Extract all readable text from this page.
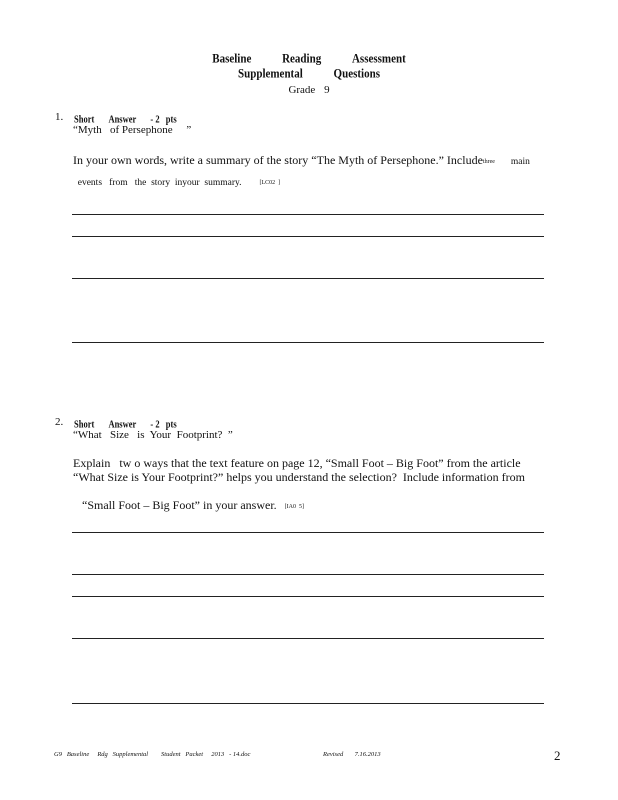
Baseline	Reading	Assessment
Supplemental	Questions
Grade 9
1. Short Answer - 2 pts
“Myth   of Persephone     ”
In your own words, write a summary of the story “The Myth of Persephone.” Includethree main

events   from   the  story  inyour  summary.	[LC02  ]

2. Short Answer - 2 pts
“What   Size   is  Your  Footprint?  ”
Explain   tw o ways that the text feature on page 12, “Small Foot – Big Foot” from the article
“What Size is Your Footprint?” helps you understand the selection?  Include information from

“Small Foot – Big Foot” in your answer. [IA0  5]

G9   Baseline     Rdg   Supplemental        Student   Packet     2013   - 14.doc	Revised       7.16.2013	2
